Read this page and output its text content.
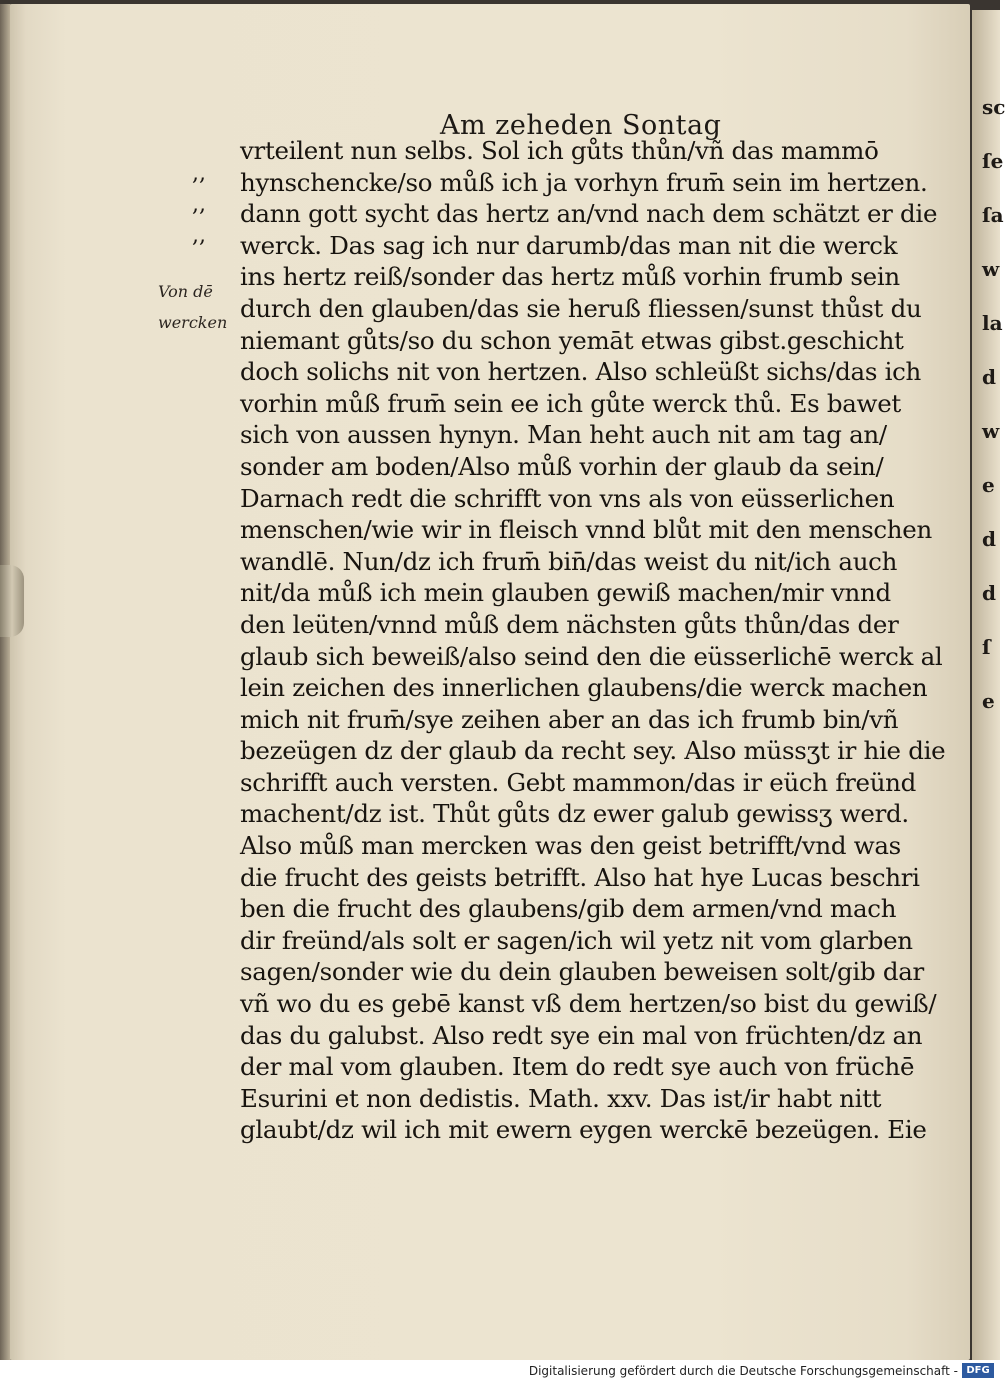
sc
ſe
ſa
w
la
d
w
e
d
d
ſ
e
Am zeheden Sontag
,,
,,
,,
Von dē
wercken
vrteilent nun selbs. Sol ich gůts thůn/vñ das mammō
hynschencke/so můß ich ja vorhyn frum̄ sein im hertzen.
dann gott sycht das hertz an/vnd nach dem schätzt er die
werck. Das sag ich nur darumb/das man nit die werck
ins hertz reiß/sonder das hertz můß vorhin frumb sein
durch den glauben/das sie heruß fliessen/sunst thůst du
niemant gůts/so du schon yemāt etwas gibst.geschicht
doch solichs nit von hertzen. Also schleüßt sichs/das ich
vorhin můß frum̄ sein ee ich gůte werck thů. Es bawet
sich von aussen hynyn. Man heht auch nit am tag an/
sonder am boden/Also můß vorhin der glaub da sein/
Darnach redt die schrifft von vns als von eüsserlichen
menschen/wie wir in fleisch vnnd blůt mit den menschen
wandlē. Nun/dz ich frum̄ bin̄/das weist du nit/ich auch
nit/da můß ich mein glauben gewiß machen/mir vnnd
den leüten/vnnd můß dem nächsten gůts thůn/das der
glaub sich beweiß/also seind den die eüsserlichē werck al
lein zeichen des innerlichen glaubens/die werck machen
mich nit frum̄/sye zeihen aber an das ich frumb bin/vñ
bezeügen dz der glaub da recht sey. Also müssʒt ir hie die
schrifft auch versten. Gebt mammon/das ir eüch freünd
machent/dz ist. Thůt gůts dz ewer galub gewissʒ werd.
Also můß man mercken was den geist betrifft/vnd was
die frucht des geists betrifft. Also hat hye Lucas beschri
ben die frucht des glaubens/gib dem armen/vnd mach
dir freünd/als solt er sagen/ich wil yetz nit vom glarben
sagen/sonder wie du dein glauben beweisen solt/gib dar
vñ wo du es gebē kanst vß dem hertzen/so bist du gewiß/
das du galubst. Also redt sye ein mal von früchten/dz an
der mal vom glauben. Item do redt sye auch von früchē
Esurini et non dedistis. Math. xxv. Das ist/ir habt nitt
glaubt/dz wil ich mit ewern eygen werckē bezeügen. Eie
Digitalisierung gefördert durch die Deutsche Forschungsgemeinschaft - DFG
